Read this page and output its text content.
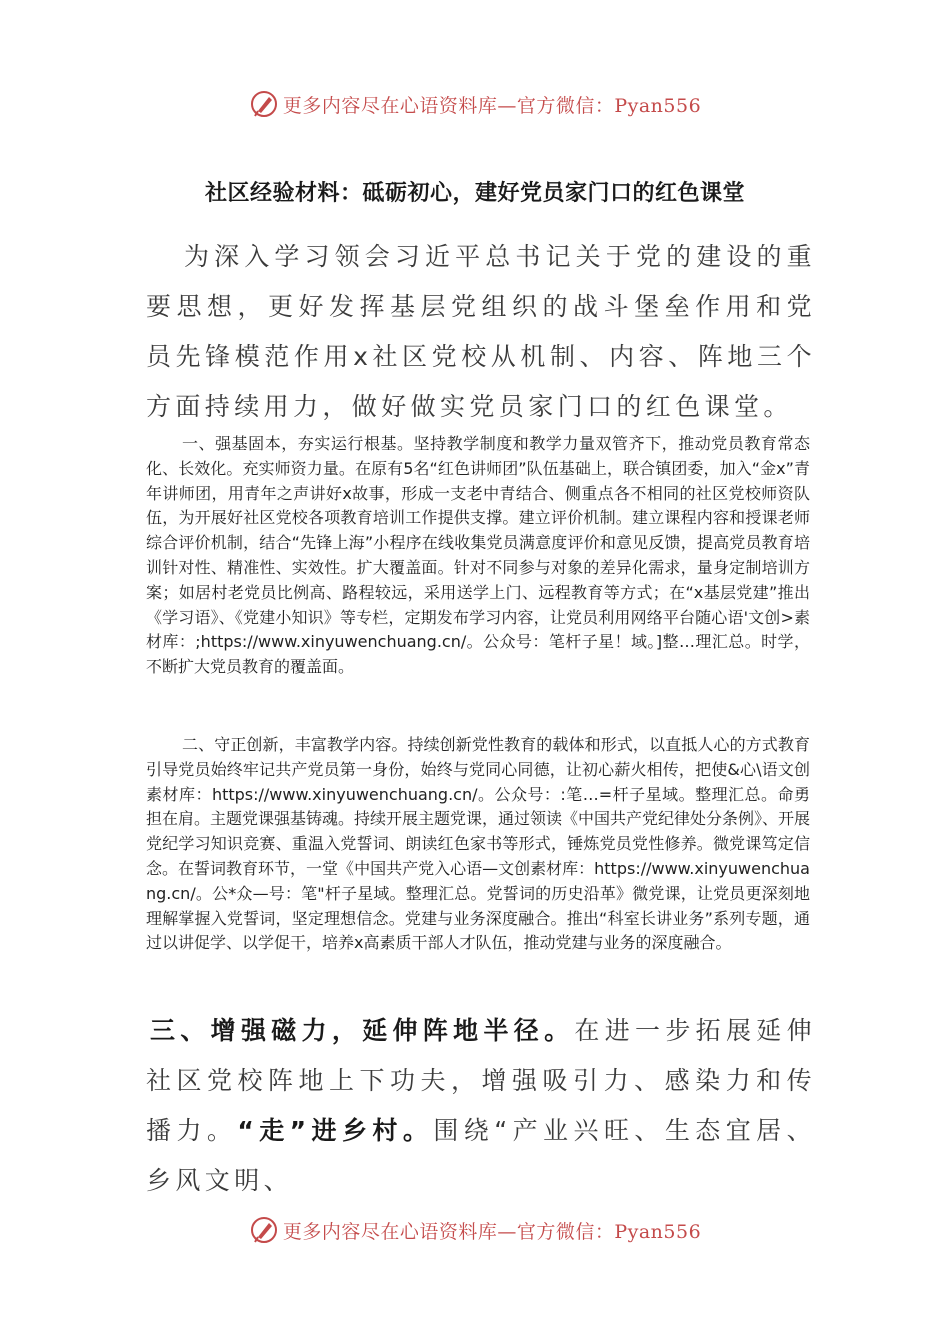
更多内容尽在心语资料库—官方微信：Pyan556
社区经验材料：砥砺初心，建好党员家门口的红色课堂

为深入学习领会习近平总书记关于党的建设的重要思想，更好发挥基层党组织的战斗堡垒作用和党员先锋模范作用x社区党校从机制、内容、阵地三个方面持续用力，做好做实党员家门口的红色课堂。

一、强基固本，夯实运行根基。坚持教学制度和教学力量双管齐下，推动党员教育常态化、长效化。充实师资力量。在原有5名“红色讲师团”队伍基础上，联合镇团委，加入“金x”青年讲师团，用青年之声讲好x故事，形成一支老中青结合、侧重点各不相同的社区党校师资队伍，为开展好社区党校各项教育培训工作提供支撑。建立评价机制。建立课程内容和授课老师综合评价机制，结合“先锋上海”小程序在线收集党员满意度评价和意见反馈，提高党员教育培训针对性、精准性、实效性。扩大覆盖面。针对不同参与对象的差异化需求，量身定制培训方案；如居村老党员比例高、路程较远，采用送学上门、远程教育等方式；在“x基层党建”推出《学习语》、《党建小知识》等专栏，定期发布学习内容，让党员利用网络平台随心语'文创>素材库：;https://www.xinyuwenchuang.cn/。公众号：笔杆子星！域。]整…理汇总。时学，不断扩大党员教育的覆盖面。

二、守正创新，丰富教学内容。持续创新党性教育的载体和形式，以直抵人心的方式教育引导党员始终牢记共产党员第一身份，始终与党同心同德，让初心薪火相传，把使&心\语文创素材库：https://www.xinyuwenchuang.cn/。公众号：:笔…=杆子星域。整理汇总。命勇担在肩。主题党课强基铸魂。持续开展主题党课，通过领读《中国共产党纪律处分条例》、开展党纪学习知识竞赛、重温入党誓词、朗读红色家书等形式，锤炼党员党性修养。微党课笃定信念。在誓词教育环节，一堂《中国共产党入心语—文创素材库：https://www.xinyuwenchuang.cn/。公*众—号：笔"杆子星域。整理汇总。党誓词的历史沿革》微党课，让党员更深刻地理解掌握入党誓词，坚定理想信念。党建与业务深度融合。推出“科室长讲业务”系列专题，通过以讲促学、以学促干，培养x高素质干部人才队伍，推动党建与业务的深度融合。

三、增强磁力，延伸阵地半径。在进一步拓展延伸社区党校阵地上下功夫，增强吸引力、感染力和传播力。“走”进乡村。围绕“产业兴旺、生态宜居、乡风文明、

更多内容尽在心语资料库—官方微信：Pyan556
